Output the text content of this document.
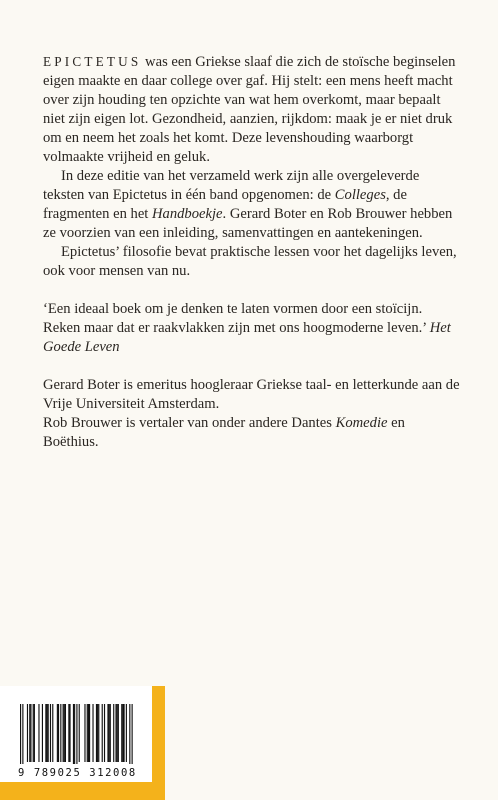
EPICTETUS was een Griekse slaaf die zich de stoïsche beginselen eigen maakte en daar college over gaf. Hij stelt: een mens heeft macht over zijn houding ten opzichte van wat hem overkomt, maar bepaalt niet zijn eigen lot. Gezondheid, aanzien, rijkdom: maak je er niet druk om en neem het zoals het komt. Deze levenshouding waarborgt volmaakte vrijheid en geluk.

In deze editie van het verzameld werk zijn alle overgeleverde teksten van Epictetus in één band opgenomen: de Colleges, de fragmenten en het Handboekje. Gerard Boter en Rob Brouwer hebben ze voorzien van een inleiding, samenvattingen en aantekeningen.

Epictetus’ filosofie bevat praktische lessen voor het dagelijks leven, ook voor mensen van nu.

‘Een ideaal boek om je denken te laten vormen door een stoïcijn. Reken maar dat er raakvlakken zijn met ons hoogmoderne leven.’ Het Goede Leven

Gerard Boter is emeritus hoogleraar Griekse taal- en letterkunde aan de Vrije Universiteit Amsterdam.

Rob Brouwer is vertaler van onder andere Dantes Komedie en Boëthius.

9 789025 312008
